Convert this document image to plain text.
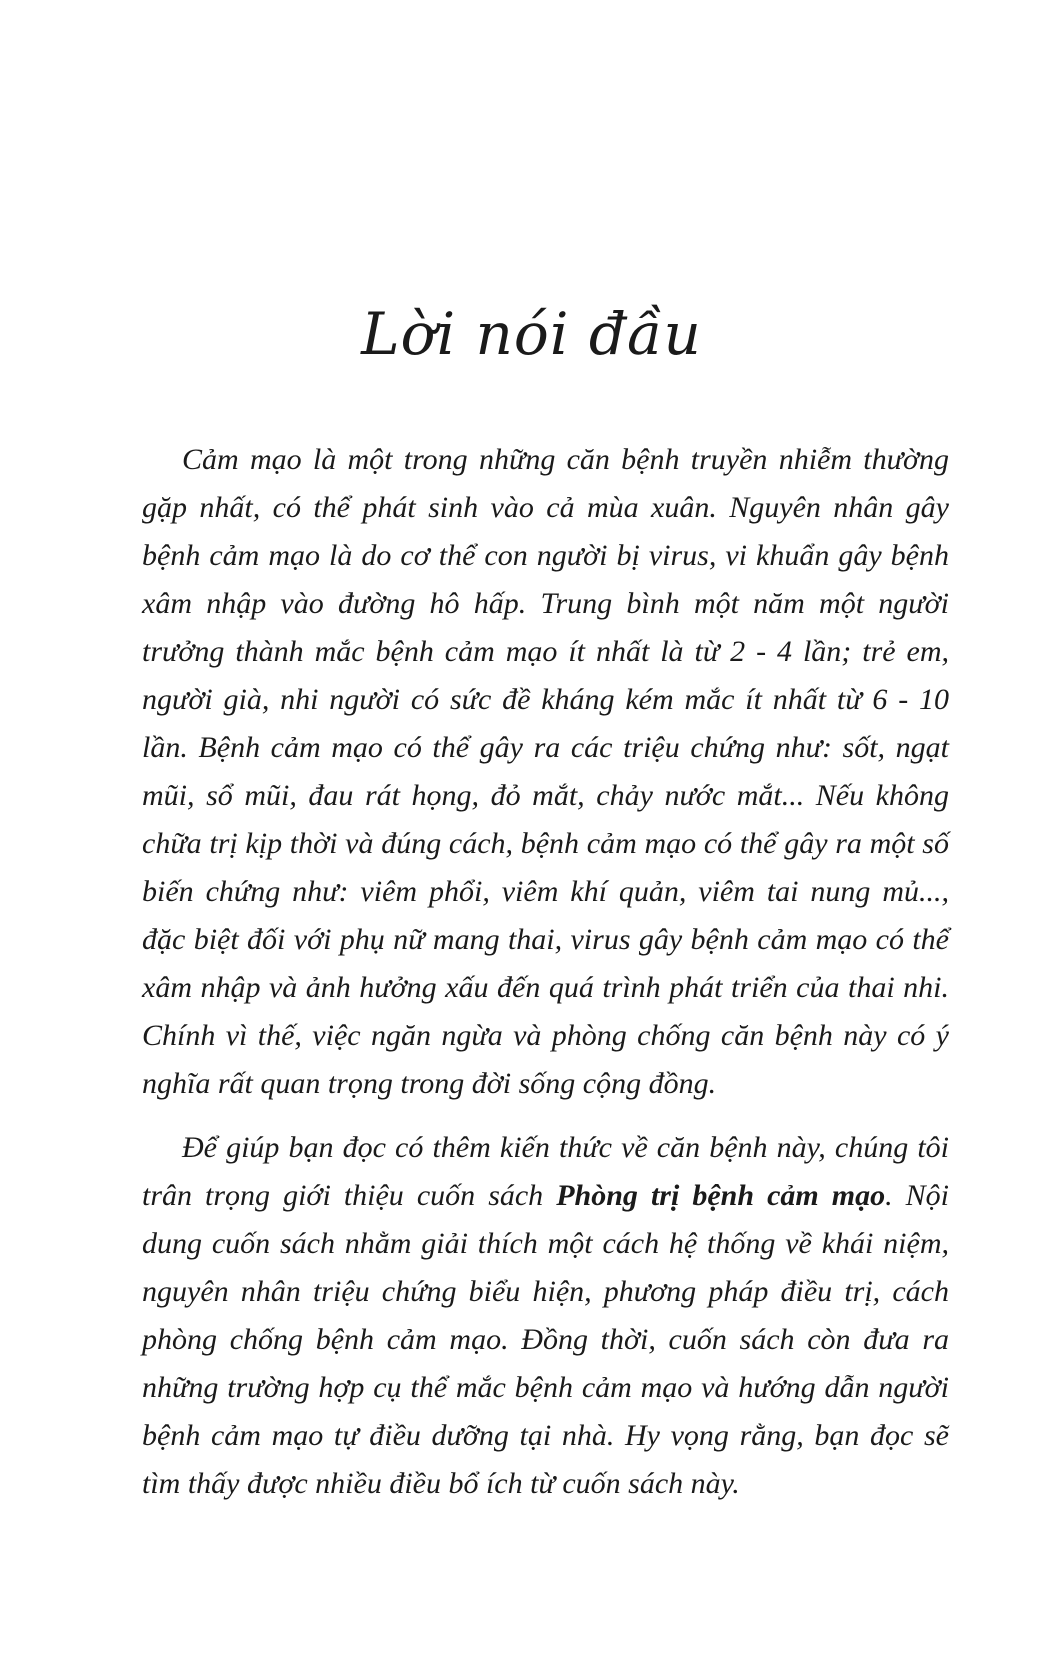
Lời nói đầu

Cảm mạo là một trong những căn bệnh truyền nhiễm thường gặp nhất, có thể phát sinh vào cả mùa xuân. Nguyên nhân gây bệnh cảm mạo là do cơ thể con người bị virus, vi khuẩn gây bệnh xâm nhập vào đường hô hấp. Trung bình một năm một người trưởng thành mắc bệnh cảm mạo ít nhất là từ 2 - 4 lần; trẻ em, người già, nhi người có sức đề kháng kém mắc ít nhất từ 6 - 10 lần. Bệnh cảm mạo có thể gây ra các triệu chứng như: sốt, ngạt mũi, sổ mũi, đau rát họng, đỏ mắt, chảy nước mắt... Nếu không chữa trị kịp thời và đúng cách, bệnh cảm mạo có thể gây ra một số biến chứng như: viêm phổi, viêm khí quản, viêm tai nung mủ..., đặc biệt đối với phụ nữ mang thai, virus gây bệnh cảm mạo có thể xâm nhập và ảnh hưởng xấu đến quá trình phát triển của thai nhi. Chính vì thế, việc ngăn ngừa và phòng chống căn bệnh này có ý nghĩa rất quan trọng trong đời sống cộng đồng.

Để giúp bạn đọc có thêm kiến thức về căn bệnh này, chúng tôi trân trọng giới thiệu cuốn sách Phòng trị bệnh cảm mạo. Nội dung cuốn sách nhằm giải thích một cách hệ thống về khái niệm, nguyên nhân triệu chứng biểu hiện, phương pháp điều trị, cách phòng chống bệnh cảm mạo. Đồng thời, cuốn sách còn đưa ra những trường hợp cụ thể mắc bệnh cảm mạo và hướng dẫn người bệnh cảm mạo tự điều dưỡng tại nhà. Hy vọng rằng, bạn đọc sẽ tìm thấy được nhiều điều bổ ích từ cuốn sách này.
